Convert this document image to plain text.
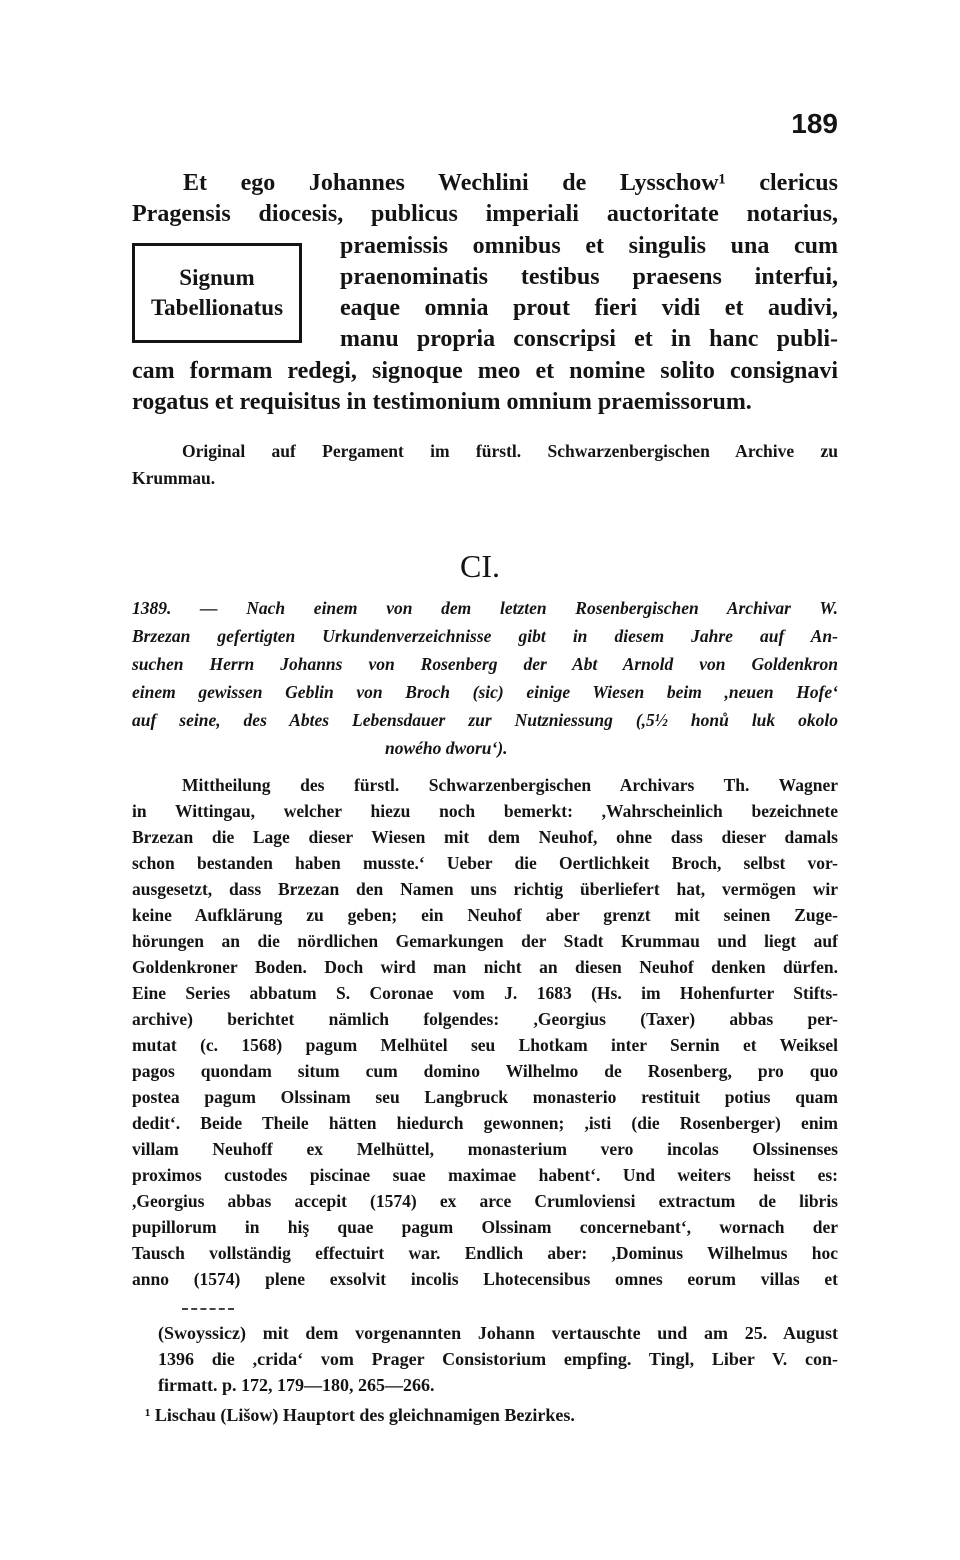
189

Et ego Johannes Wechlini de Lysschow¹ clericus

Pragensis diocesis, publicus imperiali auctoritate notarius,

Signum
Tabellionatus

praemissis omnibus et singulis una cum

praenominatis testibus praesens interfui,

eaque omnia prout fieri vidi et audivi,

manu propria conscripsi et in hanc publi-

cam formam redegi, signoque meo et nomine solito consignavi

rogatus et requisitus in testimonium omnium praemissorum.

Original auf Pergament im fürstl. Schwarzenbergischen Archive zu

Krummau.

CI.

1389. — Nach einem von dem letzten Rosenbergischen Archivar W.

Brzezan gefertigten Urkundenverzeichnisse gibt in diesem Jahre auf An-

suchen Herrn Johanns von Rosenberg der Abt Arnold von Goldenkron

einem gewissen Geblin von Broch (sic) einige Wiesen beim ,neuen Hofe‘

auf seine, des Abtes Lebensdauer zur Nutzniessung (,5½ honů luk okolo

nowého dworu‘).

Mittheilung des fürstl. Schwarzenbergischen Archivars Th. Wagner

in Wittingau, welcher hiezu noch bemerkt: ,Wahrscheinlich bezeichnete

Brzezan die Lage dieser Wiesen mit dem Neuhof, ohne dass dieser damals

schon bestanden haben musste.‘ Ueber die Oertlichkeit Broch, selbst vor-

ausgesetzt, dass Brzezan den Namen uns richtig überliefert hat, vermögen wir

keine Aufklärung zu geben; ein Neuhof aber grenzt mit seinen Zuge-

hörungen an die nördlichen Gemarkungen der Stadt Krummau und liegt auf

Goldenkroner Boden. Doch wird man nicht an diesen Neuhof denken dürfen.

Eine Series abbatum S. Coronae vom J. 1683 (Hs. im Hohenfurter Stifts-

archive) berichtet nämlich folgendes: ,Georgius (Taxer) abbas per-

mutat (c. 1568) pagum Melhütel seu Lhotkam inter Sernin et Weiksel

pagos quondam situm cum domino Wilhelmo de Rosenberg, pro quo

postea pagum Olssinam seu Langbruck monasterio restituit potius quam

dedit‘. Beide Theile hätten hiedurch gewonnen; ,isti (die Rosenberger) enim

villam Neuhoff ex Melhüttel, monasterium vero incolas Olssinenses

proximos custodes piscinae suae maximae habent‘. Und weiters heisst es:

,Georgius abbas accepit (1574) ex arce Crumloviensi extractum de libris

pupillorum in hiş quae pagum Olssinam concernebant‘, wornach der

Tausch vollständig effectuirt war. Endlich aber: ,Dominus Wilhelmus hoc

anno (1574) plene exsolvit incolis Lhotecensibus omnes eorum villas et

(Swoyssicz) mit dem vorgenannten Johann vertauschte und am 25. August

1396 die ,crida‘ vom Prager Consistorium empfing. Tingl, Liber V. con-

firmatt. p. 172, 179—180, 265—266.

¹ Lischau (Lišow) Hauptort des gleichnamigen Bezirkes.
